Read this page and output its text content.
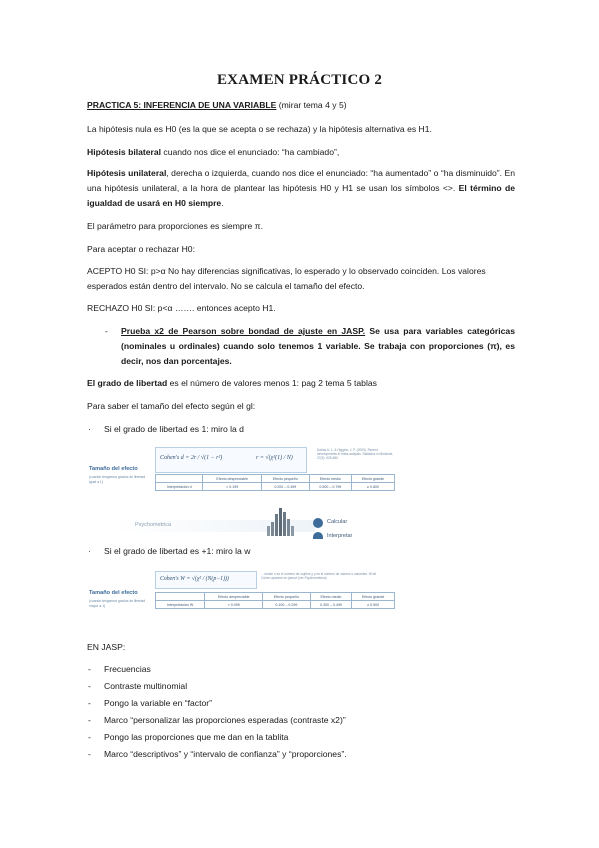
EXAMEN PRÁCTICO 2
PRACTICA 5: INFERENCIA DE UNA VARIABLE (mirar tema 4 y 5)
La hipótesis nula es H0 (es la que se acepta o se rechaza) y la hipótesis alternativa es H1.
Hipótesis bilateral cuando nos dice el enunciado: “ha cambiado”,
Hipótesis unilateral, derecha o izquierda, cuando nos dice el enunciado: “ha aumentado” o “ha disminuido”. En una hipótesis unilateral, a la hora de plantear las hipótesis H0 y H1 se usan los símbolos <>. El término de igualdad de usará en H0 siempre.
El parámetro para proporciones es siempre π.
Para aceptar o rechazar H0:
ACEPTO H0 SI: p>α No hay diferencias significativas, lo esperado y lo observado coinciden. Los valores esperados están dentro del intervalo. No se calcula el tamaño del efecto.
RECHAZO H0 SI: p<α ……. entonces acepto H1.
- Prueba x2 de Pearson sobre bondad de ajuste en JASP. Se usa para variables categóricas (nominales u ordinales) cuando solo tenemos 1 variable. Se trabaja con proporciones (π), es decir, nos dan porcentajes.
El grado de libertad es el número de valores menos 1: pag 2 tema 5 tablas
Para saber el tamaño del efecto según el gl:
· Si el grado de libertad es 1: miro la d
Tamaño del efecto
(cuando tengamos grados de libertad igual a 1)
Cohen's d = 2r / √(1 − r²)	r = √(χ²(1) / N)
Dañas A. L. & Higgins, J. P. (2009). Recent developments in meta-analysis. Statistics in Medicine, 27(5), 625-650
	Efecto despreciable	Efecto pequeño	Efecto medio	Efecto grande
Interpretación d	< 0.199	0.200 – 0.499	0.500 – 0.799	≥ 0.800
Psychometrica	Calcular
Interpretar
· Si el grado de libertad es +1: miro la w
Tamaño del efecto
(cuando tengamos grados de libertad mayor a 1)
Cohen's W = √(χ² / (N(p−1)))
…donde n es el número de sujetos y p es el número de valores o variantes. W de Cohen aparece en jamovi (ver Psychometrica)
	Efecto despreciable	Efecto pequeño	Efecto medio	Efecto grande
Interpretación W	< 0.099	0.100 – 0.299	0.300 – 0.499	≥ 0.500
EN JASP:
- Frecuencias
- Contraste multinomial
- Pongo la variable en “factor”
- Marco “personalizar las proporciones esperadas (contraste x2)”
- Pongo las proporciones que me dan en la tablita
- Marco “descriptivos” y “intervalo de confianza” y “proporciones”.
